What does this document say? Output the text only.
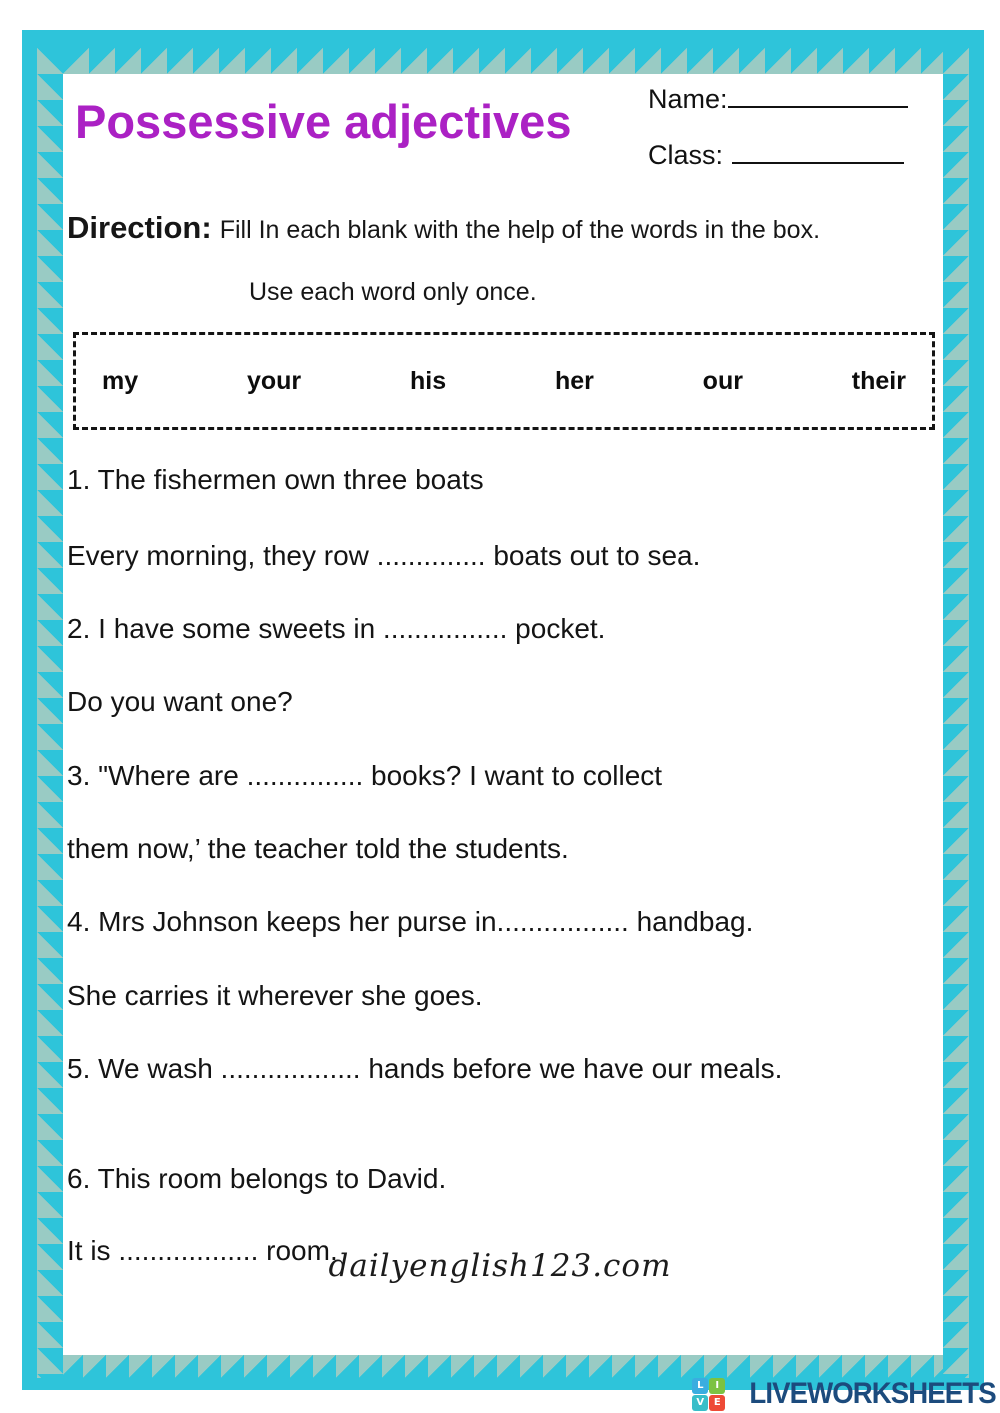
Possessive adjectives	Name:
Class:
Direction: Fill In each blank with the help of the words in the box.
Use each word only once.
my	your	his	her	our	their
1. The fishermen own three boats
Every morning, they row .............. boats out to sea.
2. I have some sweets in ................ pocket.
Do you want one?
3. "Where are ............... books? I want to collect
them now,’ the teacher told the students.
4. Mrs Johnson keeps her purse in................. handbag.
She carries it wherever she goes.
5. We wash .................. hands before we have our meals.
6. This room belongs to David.
It is .................. room.
dailyenglish123.com
L	I
V E LIVEWORKSHEETS
